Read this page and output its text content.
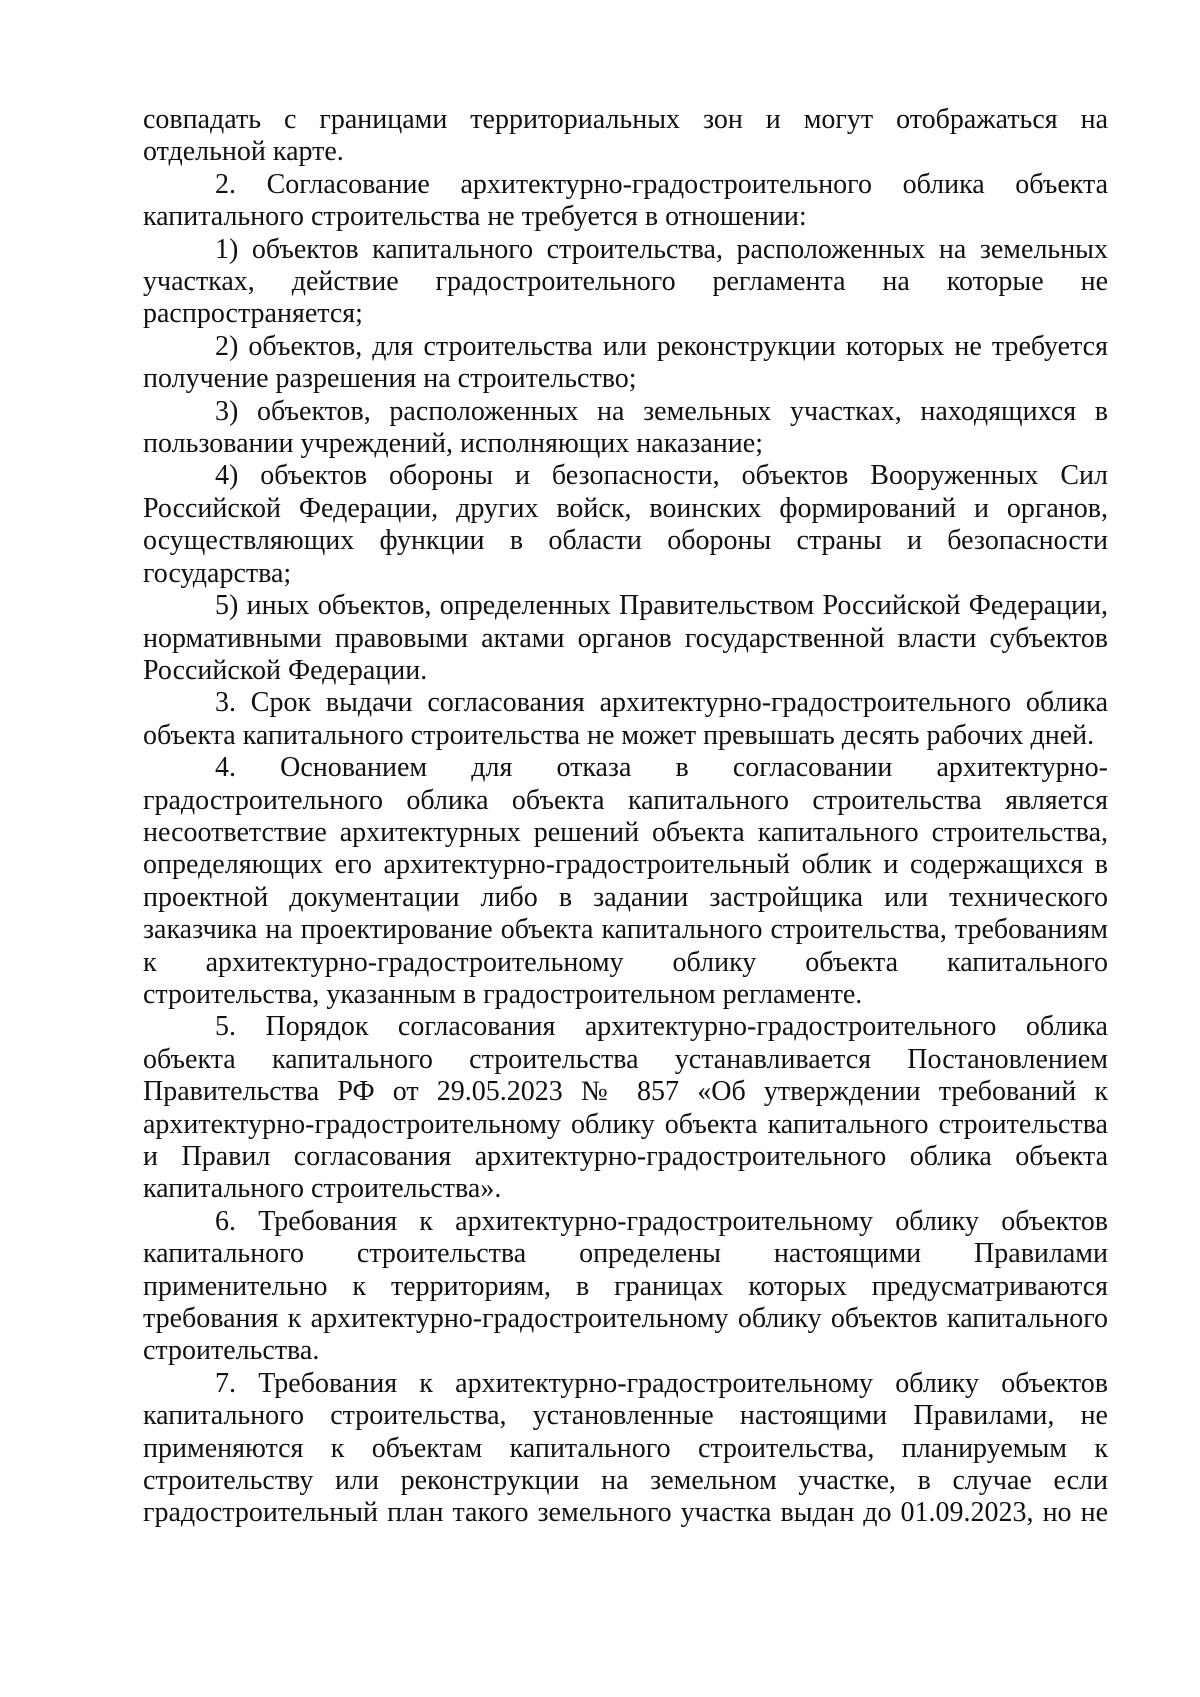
совпадать с границами территориальных зон и могут отображаться на отдельной карте.

2. Согласование архитектурно-градостроительного облика объекта капитального строительства не требуется в отношении:

1) объектов капитального строительства, расположенных на земельных участках, действие градостроительного регламента на которые не распространяется;

2) объектов, для строительства или реконструкции которых не требуется получение разрешения на строительство;

3) объектов, расположенных на земельных участках, находящихся в пользовании учреждений, исполняющих наказание;

4) объектов обороны и безопасности, объектов Вооруженных Сил Российской Федерации, других войск, воинских формирований и органов, осуществляющих функции в области обороны страны и безопасности государства;

5) иных объектов, определенных Правительством Российской Федерации, нормативными правовыми актами органов государственной власти субъектов Российской Федерации.

3. Срок выдачи согласования архитектурно-градостроительного облика объекта капитального строительства не может превышать десять рабочих дней.

4. Основанием для отказа в согласовании архитектурно-градостроительного облика объекта капитального строительства является несоответствие архитектурных решений объекта капитального строительства, определяющих его архитектурно-градостроительный облик и содержащихся в проектной документации либо в задании застройщика или технического заказчика на проектирование объекта капитального строительства, требованиям к архитектурно-градостроительному облику объекта капитального строительства, указанным в градостроительном регламенте.

5. Порядок согласования архитектурно-градостроительного облика объекта капитального строительства устанавливается Постановлением Правительства РФ от 29.05.2023 № 857 «Об утверждении требований к архитектурно-градостроительному облику объекта капитального строительства и Правил согласования архитектурно-градостроительного облика объекта капитального строительства».

6. Требования к архитектурно-градостроительному облику объектов капитального строительства определены настоящими Правилами применительно к территориям, в границах которых предусматриваются требования к архитектурно-градостроительному облику объектов капитального строительства.

7. Требования к архитектурно-градостроительному облику объектов капитального строительства, установленные настоящими Правилами, не применяются к объектам капитального строительства, планируемым к строительству или реконструкции на земельном участке, в случае если градостроительный план такого земельного участка выдан до 01.09.2023, но не
